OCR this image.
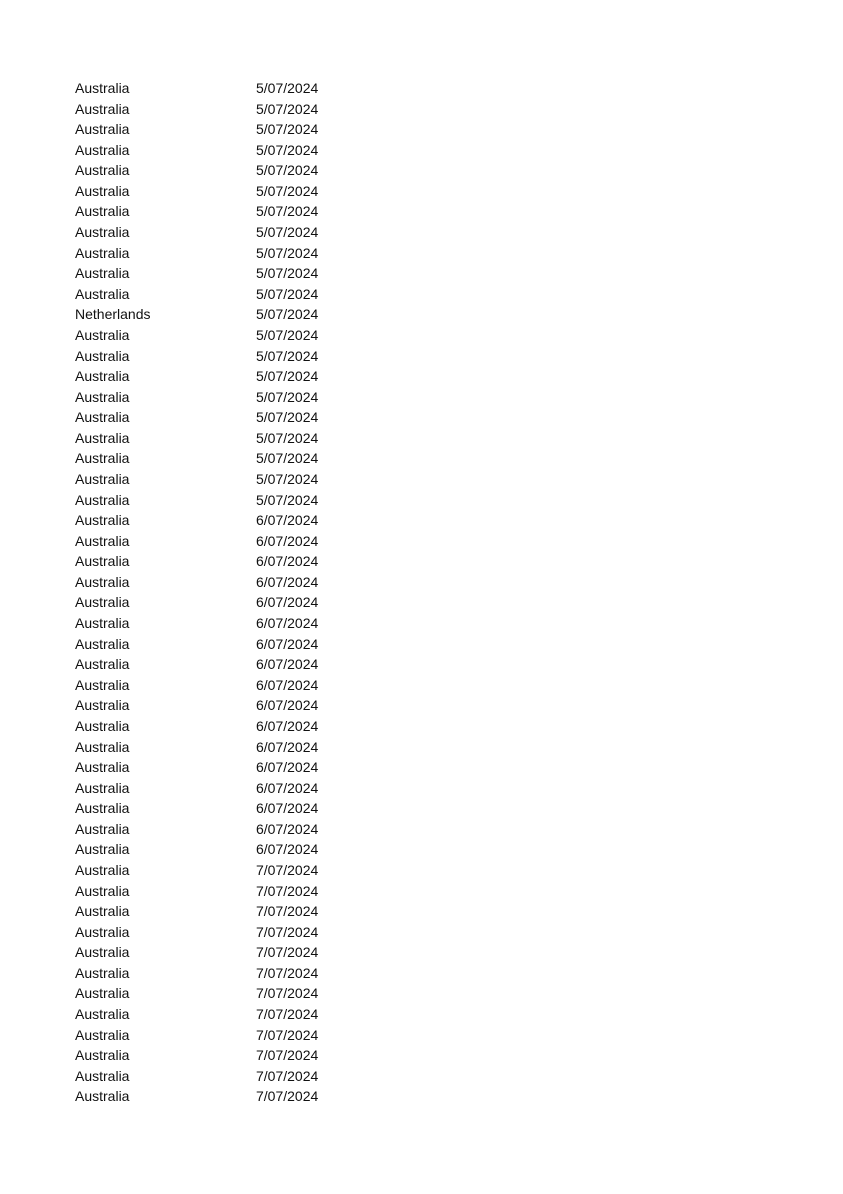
Australia	5/07/2024
Australia	5/07/2024
Australia	5/07/2024
Australia	5/07/2024
Australia	5/07/2024
Australia	5/07/2024
Australia	5/07/2024
Australia	5/07/2024
Australia	5/07/2024
Australia	5/07/2024
Australia	5/07/2024
Netherlands	5/07/2024
Australia	5/07/2024
Australia	5/07/2024
Australia	5/07/2024
Australia	5/07/2024
Australia	5/07/2024
Australia	5/07/2024
Australia	5/07/2024
Australia	5/07/2024
Australia	5/07/2024
Australia	6/07/2024
Australia	6/07/2024
Australia	6/07/2024
Australia	6/07/2024
Australia	6/07/2024
Australia	6/07/2024
Australia	6/07/2024
Australia	6/07/2024
Australia	6/07/2024
Australia	6/07/2024
Australia	6/07/2024
Australia	6/07/2024
Australia	6/07/2024
Australia	6/07/2024
Australia	6/07/2024
Australia	6/07/2024
Australia	6/07/2024
Australia	7/07/2024
Australia	7/07/2024
Australia	7/07/2024
Australia	7/07/2024
Australia	7/07/2024
Australia	7/07/2024
Australia	7/07/2024
Australia	7/07/2024
Australia	7/07/2024
Australia	7/07/2024
Australia	7/07/2024
Australia	7/07/2024
